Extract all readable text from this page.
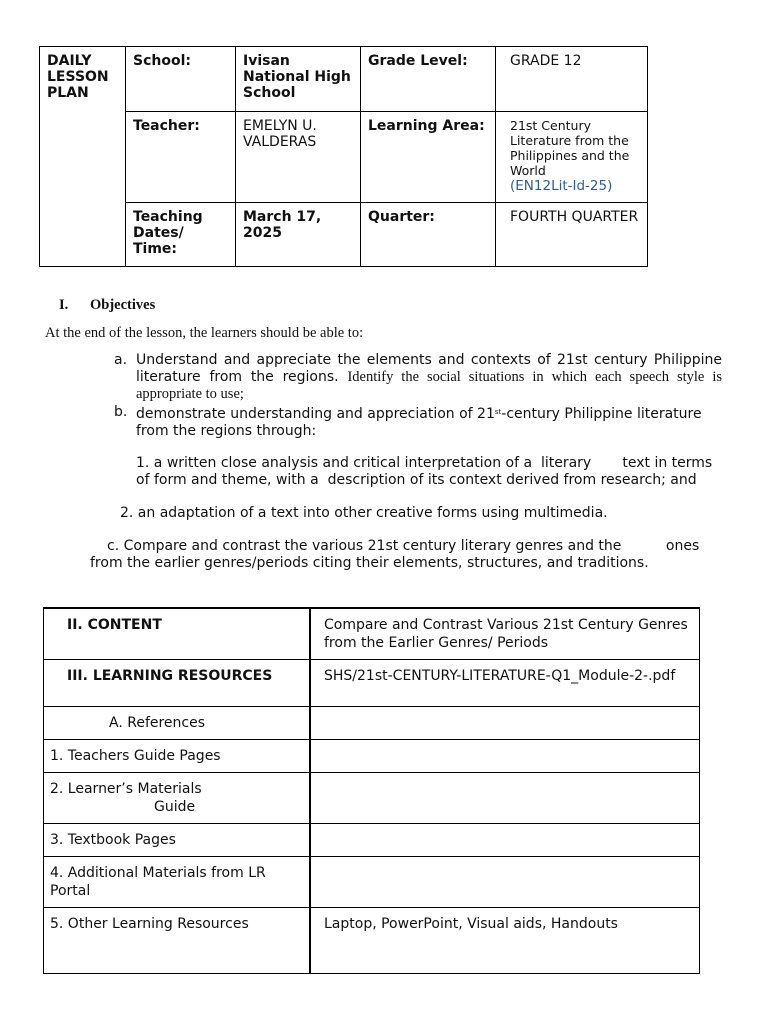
DAILY LESSON PLAN	School:	Ivisan National High School	Grade Level:	GRADE 12
	Teacher:	EMELYN U. VALDERAS	Learning Area:	21st Century Literature from the Philippines and the World
(EN12Lit-Id-25)
	Teaching Dates/ Time:	March 17, 2025	Quarter:	FOURTH QUARTER
I. Objectives
At the end of the lesson, the learners should be able to:
a. Understand and appreciate the elements and contexts of 21st century Philippine literature from the regions. Identify the social situations in which each speech style is appropriate to use;
b. demonstrate understanding and appreciation of 21st-century Philippine literature from the regions through:
1. a written close analysis and critical interpretation of a  literary       text in terms of form and theme, with a  description of its context derived from research; and
2. an adaptation of a text into other creative forms using multimedia.
c. Compare and contrast the various 21st century literary genres and the          ones from the earlier genres/periods citing their elements, structures, and traditions.
II. CONTENT	Compare and Contrast Various 21st Century Genres from the Earlier Genres/ Periods
III. LEARNING RESOURCES	SHS/21st-CENTURY-LITERATURE-Q1_Module-2-.pdf
A. References	
1. Teachers Guide Pages	
2. Learner’s Materials
Guide	
3. Textbook Pages	
4. Additional Materials from LR Portal	
5. Other Learning Resources	Laptop, PowerPoint, Visual aids, Handouts
